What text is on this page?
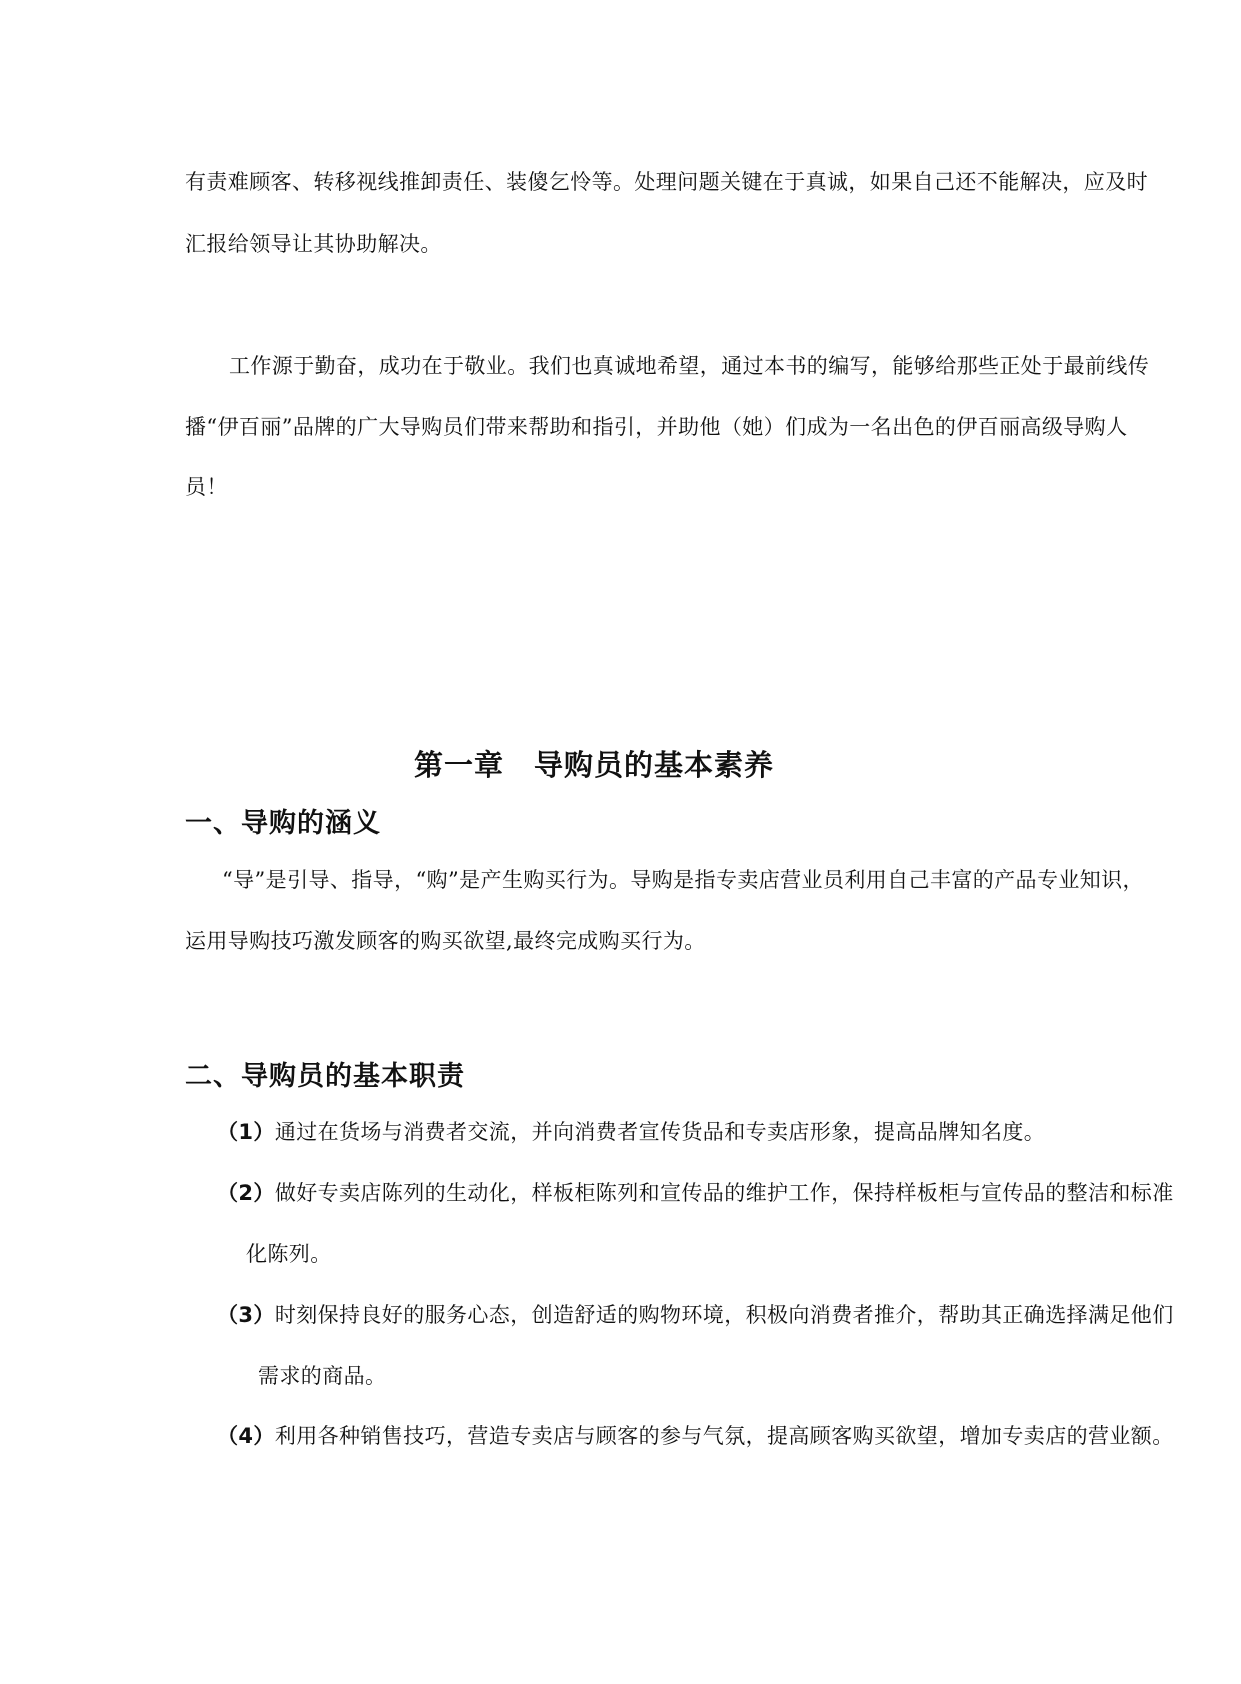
有责难顾客、转移视线推卸责任、装傻乞怜等。处理问题关键在于真诚，如果自己还不能解决，应及时
汇报给领导让其协助解决。
工作源于勤奋，成功在于敬业。我们也真诚地希望，通过本书的编写，能够给那些正处于最前线传
播“伊百丽”品牌的广大导购员们带来帮助和指引，并助他（她）们成为一名出色的伊百丽高级导购人
员！
第一章　导购员的基本素养
一、导购的涵义
“导”是引导、指导，“购”是产生购买行为。导购是指专卖店营业员利用自己丰富的产品专业知识，
运用导购技巧激发顾客的购买欲望,最终完成购买行为。
二、导购员的基本职责
（1）通过在货场与消费者交流，并向消费者宣传货品和专卖店形象，提高品牌知名度。
（2）做好专卖店陈列的生动化，样板柜陈列和宣传品的维护工作，保持样板柜与宣传品的整洁和标准
化陈列。
（3）时刻保持良好的服务心态，创造舒适的购物环境，积极向消费者推介，帮助其正确选择满足他们
需求的商品。
（4）利用各种销售技巧，营造专卖店与顾客的参与气氛，提高顾客购买欲望，增加专卖店的营业额。
